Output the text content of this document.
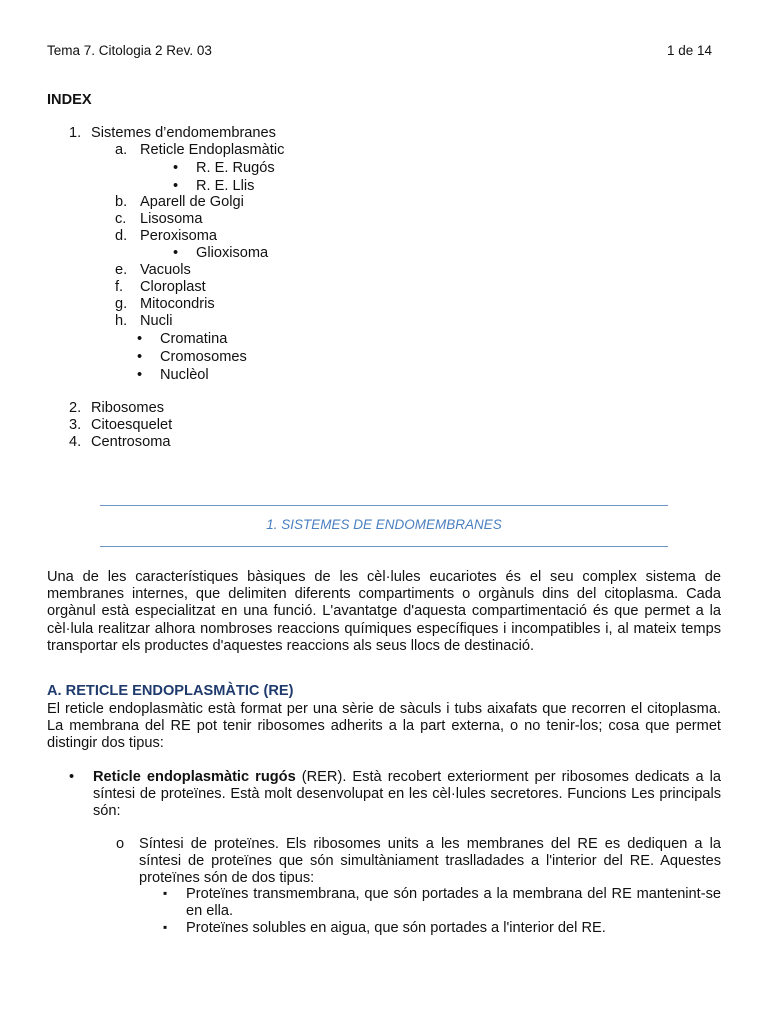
Tema 7. Citologia 2 Rev. 03	1 de 14
INDEX
1. Sistemes d’endomembranes
a. Reticle Endoplasmàtic
• R. E. Rugós
• R. E. Llis
b. Aparell de Golgi
c. Lisosoma
d. Peroxisoma
• Glioxisoma
e. Vacuols
f. Cloroplast
g. Mitocondris
h. Nucli
• Cromatina
• Cromosomes
• Nuclèol
2. Ribosomes
3. Citoesquelet
4. Centrosoma
1. SISTEMES DE ENDOMEMBRANES
Una de les característiques bàsiques de les cèl·lules eucariotes és el seu complex sistema de membranes internes, que delimiten diferents compartiments o orgànuls dins del citoplasma. Cada orgànul està especialitzat en una funció. L'avantatge d'aquesta compartimentació és que permet a la cèl·lula realitzar alhora nombroses reaccions químiques específiques i incompatibles i, al mateix temps transportar els productes d'aquestes reaccions als seus llocs de destinació.
A. RETICLE ENDOPLASMÀTIC (RE)
El reticle endoplasmàtic està format per una sèrie de sàculs i tubs aixafats que recorren el citoplasma. La membrana del RE pot tenir ribosomes adherits a la part externa, o no tenir-los; cosa que permet distingir dos tipus:
• Reticle endoplasmàtic rugós (RER). Està recobert exteriorment per ribosomes dedicats a la síntesi de proteïnes. Està molt desenvolupat en les cèl·lules secretores. Funcions Les principals són:
o Síntesi de proteïnes. Els ribosomes units a les membranes del RE es dediquen a la síntesi de proteïnes que són simultàniament traslladades a l'interior del RE. Aquestes proteïnes són de dos tipus:
▪ Proteïnes transmembrana, que són portades a la membrana del RE mantenint-se en ella.
▪ Proteïnes solubles en aigua, que són portades a l'interior del RE.
